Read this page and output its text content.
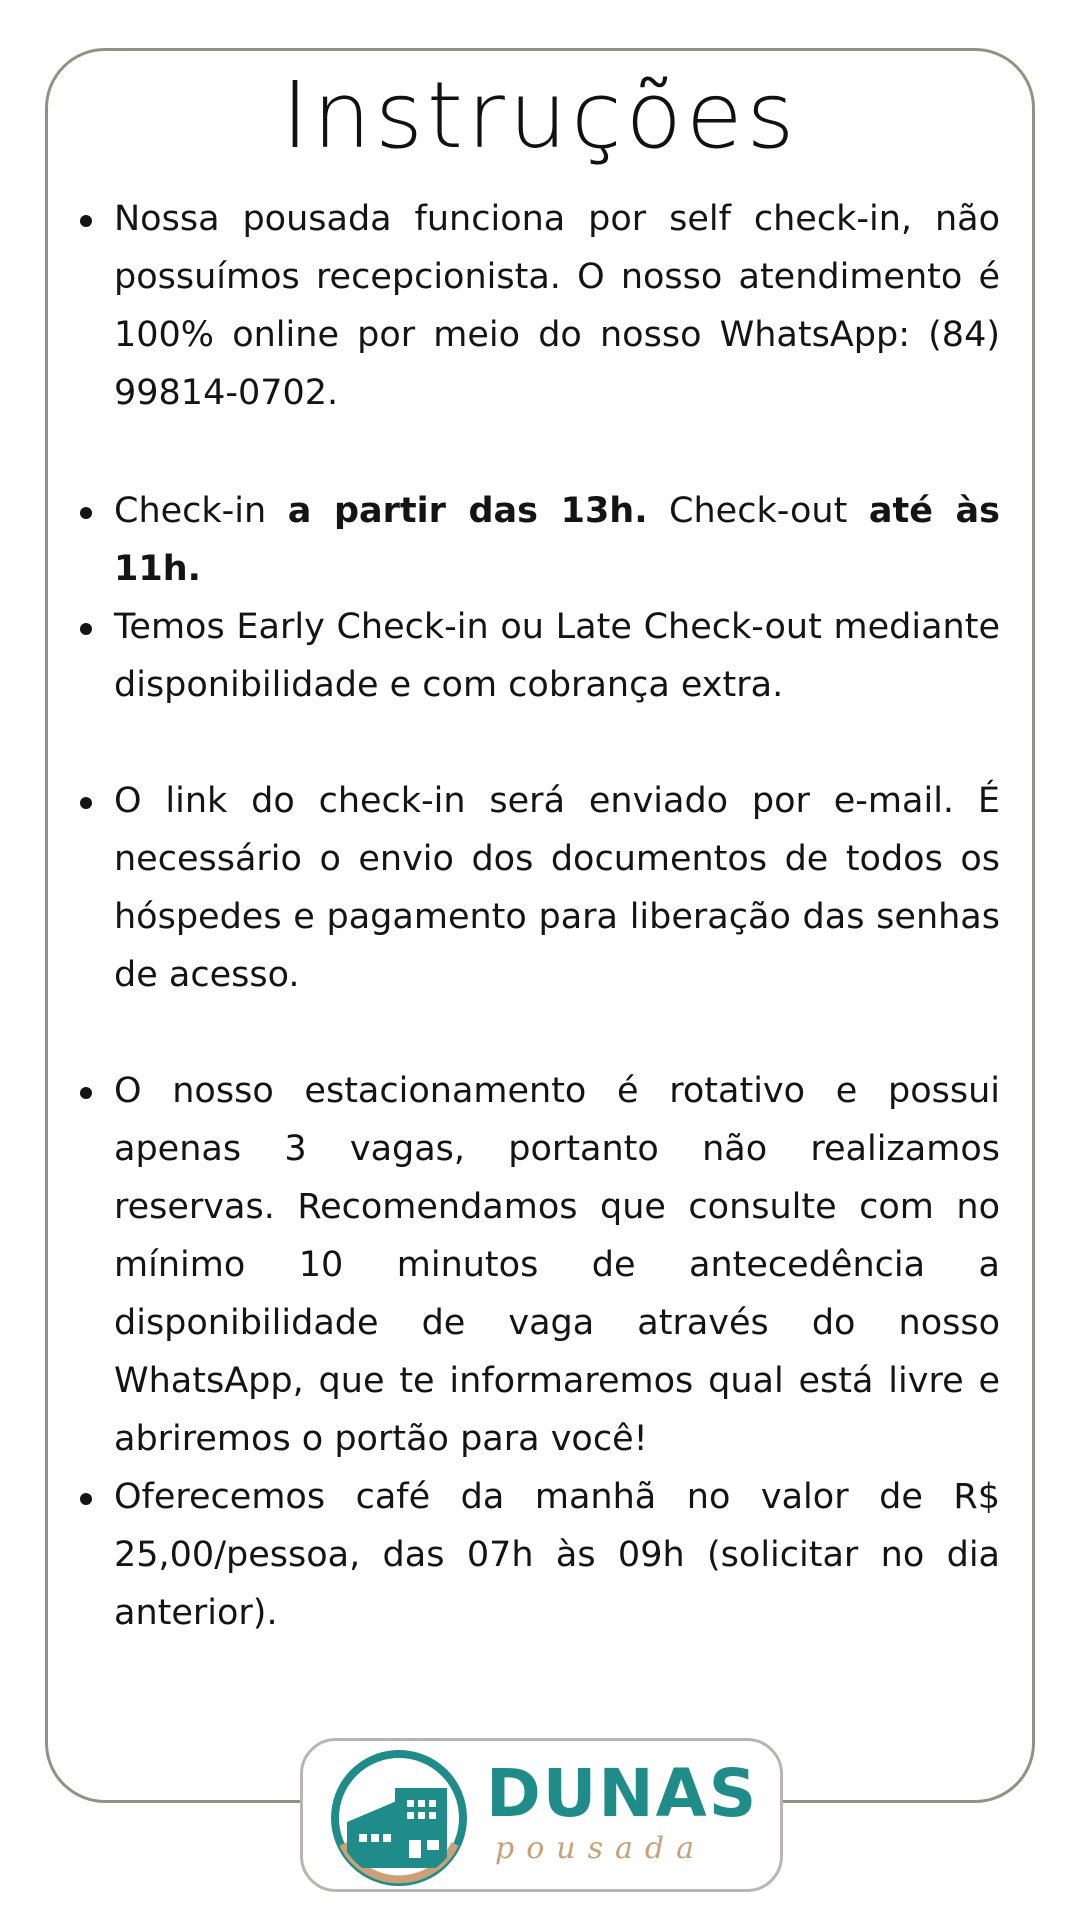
Instruções

Nossa pousada funciona por self check-in, não possuímos recepcionista. O nosso atendimento é 100% online por meio do nosso WhatsApp: (84) 99814-0702.

Check-in a partir das 13h. Check-out até às 11h.

Temos Early Check-in ou Late Check-out mediante disponibilidade e com cobrança extra.

O link do check-in será enviado por e-mail. É necessário o envio dos documentos de todos os hóspedes e pagamento para liberação das senhas de acesso.

O nosso estacionamento é rotativo e possui apenas 3 vagas, portanto não realizamos reservas. Recomendamos que consulte com no mínimo 10 minutos de antecedência a disponibilidade de vaga através do nosso WhatsApp, que te informaremos qual está livre e abriremos o portão para você!

Oferecemos café da manhã no valor de R$ 25,00/pessoa, das 07h às 09h (solicitar no dia anterior).

DUNAS
pousada
